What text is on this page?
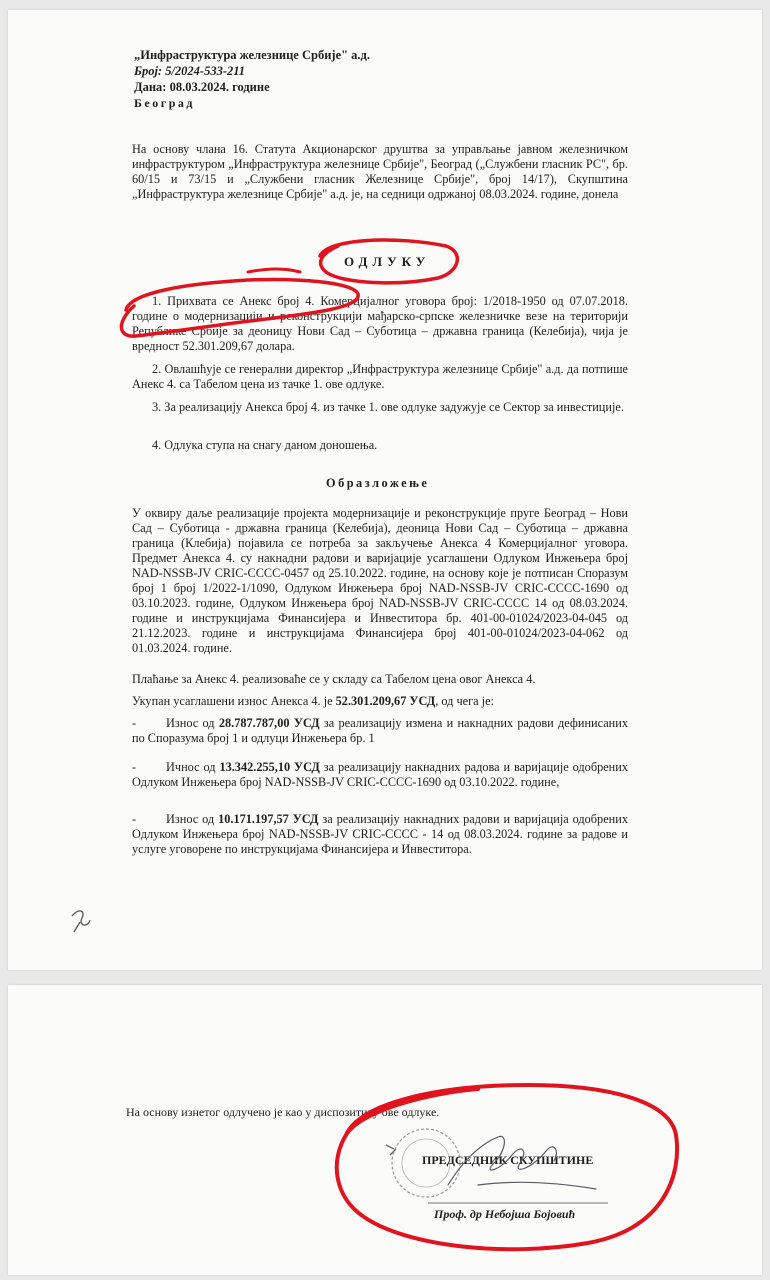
„Инфраструктура железнице Србије" а.д.
Број: 5/2024-533-211
Дана: 08.03.2024. године
Београд
На основу члана 16. Статута Акционарског друштва за управљање јавном железничком инфраструктуром „Инфраструктура железнице Србије", Београд („Службени гласник РС", бр. 60/15 и 73/15 и „Службени гласник Железнице Србије", број 14/17), Скупштина „Инфраструктура железнице Србије" а.д. је, на седници одржаној 08.03.2024. године, донела
ОДЛУКУ
1. Прихвата се Анекс број 4. Комерцијалног уговора број: 1/2018-1950 од 07.07.2018. године о модернизацији и реконструкцији мађарско-српске железничке везе на територији Републике Србије за деоницу Нови Сад – Суботица – државна граница (Келебија), чија је вредност 52.301.209,67 долара.
2. Овлашћује се генерални директор „Инфраструктура железнице Србије" а.д. да потпише Анекс 4. са Табелом цена из тачке 1. ове одлуке.
3. За реализацију Анекса број 4. из тачке 1. ове одлуке задужује се Сектор за инвестиције.
4. Одлука ступа на снагу даном доношења.
Образложење
У оквиру даље реализације пројекта модернизације и реконструкције пруге Београд – Нови Сад – Суботица - државна граница (Келебија), деоница Нови Сад – Суботица – државна граница (Клебија) појавила се потреба за закључење Анекса 4 Комерцијалног уговора. Предмет Анекса 4. су накнадни радови и варијације усаглашени Одлуком Инжењера број NAD-NSSB-JV CRIC-CCCC-0457 од 25.10.2022. године, на основу које је потписан Споразум број 1 број 1/2022-1/1090, Одлуком Инжењера број NAD-NSSB-JV CRIC-CCCC-1690 од 03.10.2023. године, Одлуком Инжењера број NAD-NSSB-JV CRIC-CCCC 14 од 08.03.2024. године и инструкцијама Финансијера и Инвеститора бр. 401-00-01024/2023-04-045 од 21.12.2023. године и инструкцијама Финансијера број 401-00-01024/2023-04-062 од 01.03.2024. године.
Плаћање за Анекс 4. реализоваће се у складу са Табелом цена овог Анекса 4.
Укупан усаглашени износ Анекса 4. је 52.301.209,67 УСД, од чега је:
-	Износ од 28.787.787,00 УСД за реализацију измена и накнадних радови дефинисаних по Споразума број 1 и одлуци Инжењера бр. 1
-	Ичнос од 13.342.255,10 УСД за реализацију накнадних радова и варијације одобрених Одлуком Инжењера број NAD-NSSB-JV CRIC-CCCC-1690 од 03.10.2022. године,
-	Износ од 10.171.197,57 УСД за реализацију накнадних радови и варијација одобрених Одлуком Инжењера број NAD-NSSB-JV CRIC-CCCC - 14 од 08.03.2024. године за радове и услуге уговорене по инструкцијама Финансијера и Инвеститора.
На основу изнетог одлучено је као у диспозитиву ове одлуке.
ПРЕДСЕДНИК СКУПШТИНЕ
Проф. др Небојша Бојовић
